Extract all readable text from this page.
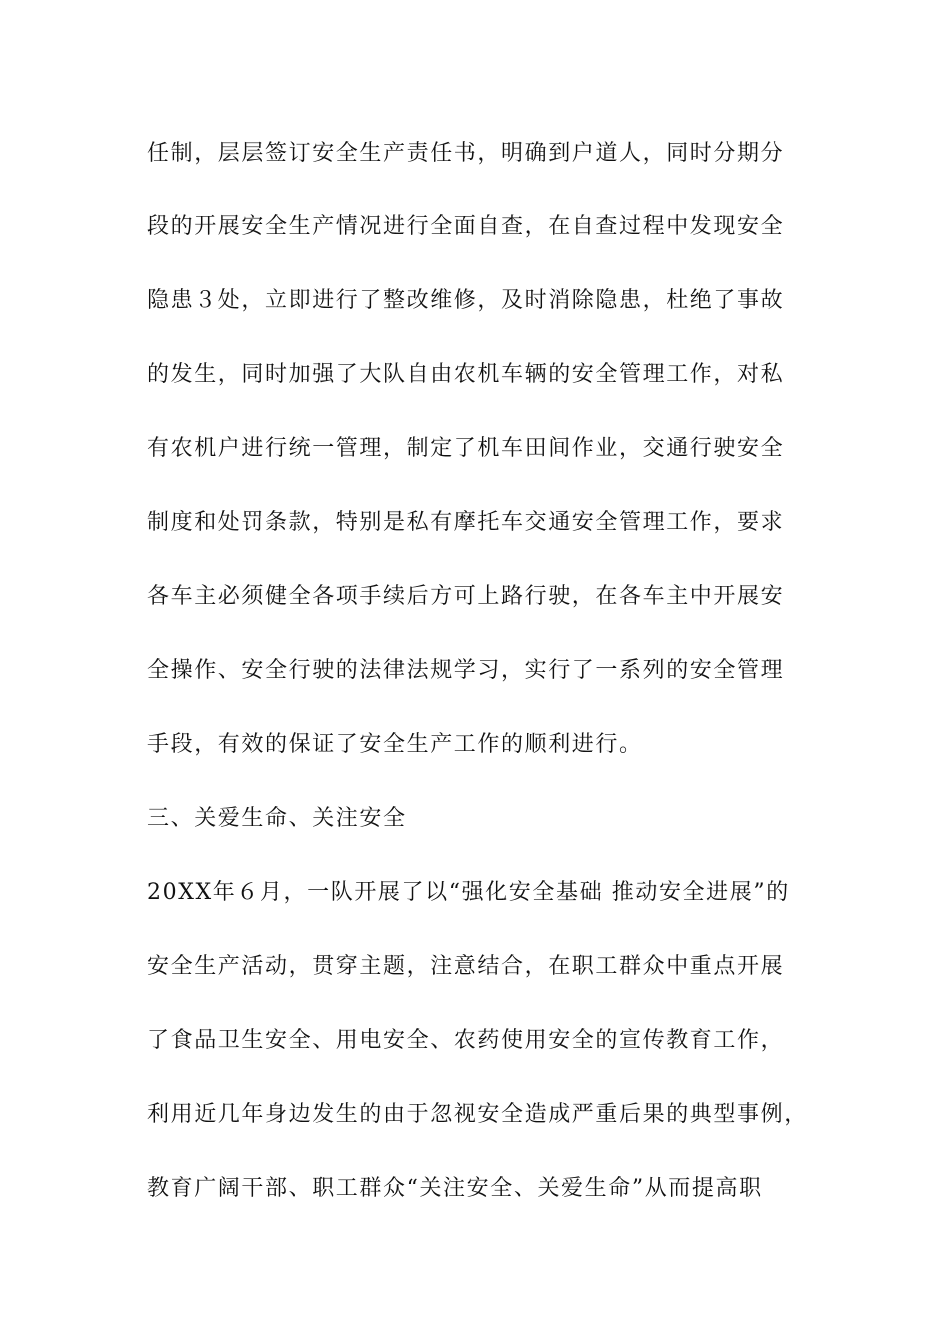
任制，层层签订安全生产责任书，明确到户道人，同时分期分
段的开展安全生产情况进行全面自查，在自查过程中发现安全
隐患３处，立即进行了整改维修，及时消除隐患，杜绝了事故
的发生，同时加强了大队自由农机车辆的安全管理工作，对私
有农机户进行统一管理，制定了机车田间作业，交通行驶安全
制度和处罚条款，特别是私有摩托车交通安全管理工作，要求
各车主必须健全各项手续后方可上路行驶，在各车主中开展安
全操作、安全行驶的法律法规学习，实行了一系列的安全管理
手段，有效的保证了安全生产工作的顺利进行。
三、关爱生命、关注安全
20XX年６月，一队开展了以“强化安全基础 推动安全进展”的
安全生产活动，贯穿主题，注意结合，在职工群众中重点开展
了食品卫生安全、用电安全、农药使用安全的宣传教育工作，
利用近几年身边发生的由于忽视安全造成严重后果的典型事例，
教育广阔干部、职工群众“关注安全、关爱生命”从而提高职
